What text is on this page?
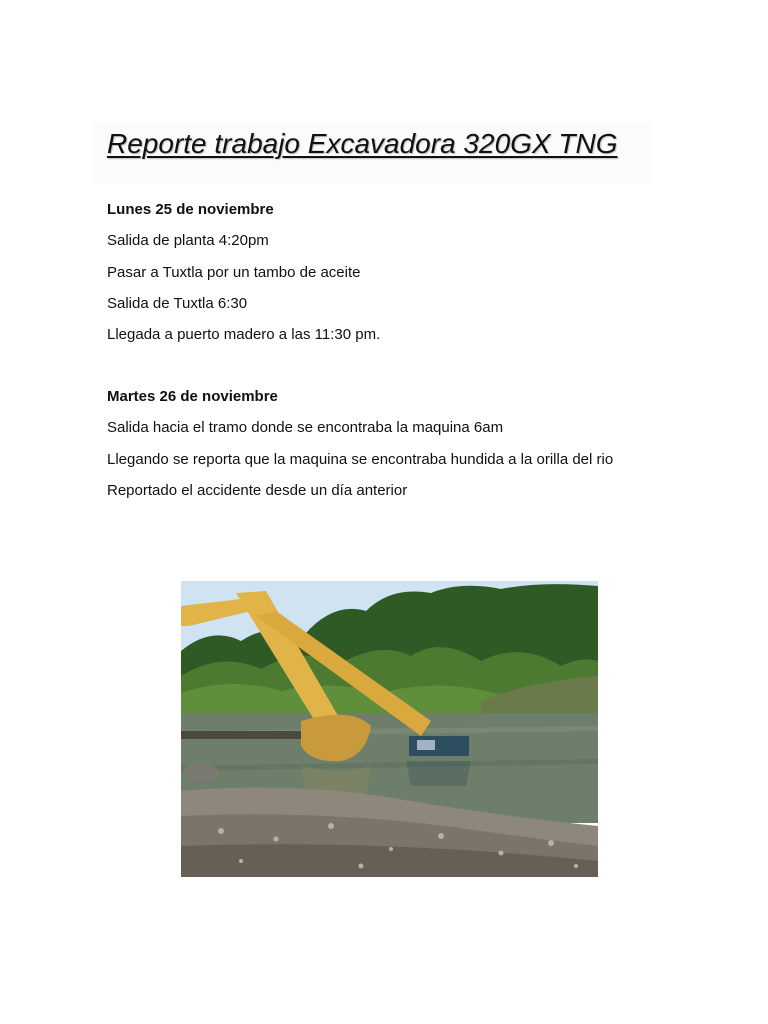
Reporte trabajo Excavadora 320GX TNG
Lunes 25 de noviembre
Salida de planta 4:20pm
Pasar a Tuxtla por un tambo de aceite
Salida de Tuxtla 6:30
Llegada a puerto madero a las 11:30 pm.
Martes 26 de noviembre
Salida hacia el tramo donde se encontraba la maquina 6am
Llegando se reporta que la maquina se encontraba hundida a la orilla del rio
Reportado el accidente desde un día anterior
